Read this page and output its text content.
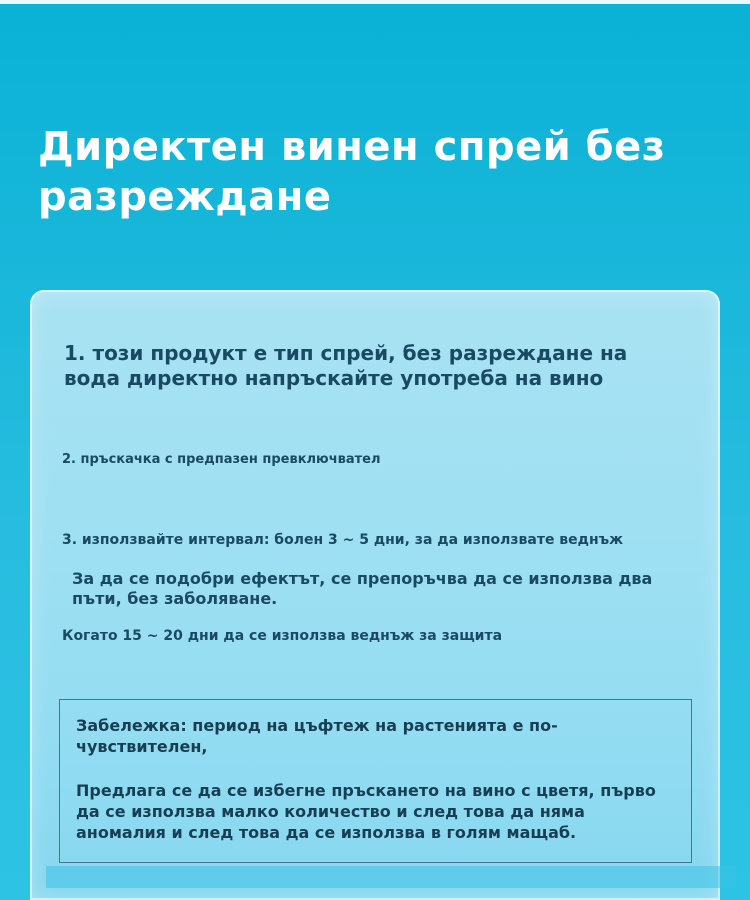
Директен винен спрей без разреждане

1. този продукт е тип спрей, без разреждане на вода директно напръскайте употреба на вино

2. пръскачка с предпазен превключвател

3. използвайте интервал: болен 3 ~ 5 дни, за да използвате веднъж

За да се подобри ефектът, се препоръчва да се използва два пъти, без заболяване.

Когато 15 ~ 20 дни да се използва веднъж за защита

Забележка: период на цъфтеж на растенията е по-чувствителен,

Предлага се да се избегне пръскането на вино с цветя, първо да се използва малко количество и след това да няма аномалия и след това да се използва в голям мащаб.
